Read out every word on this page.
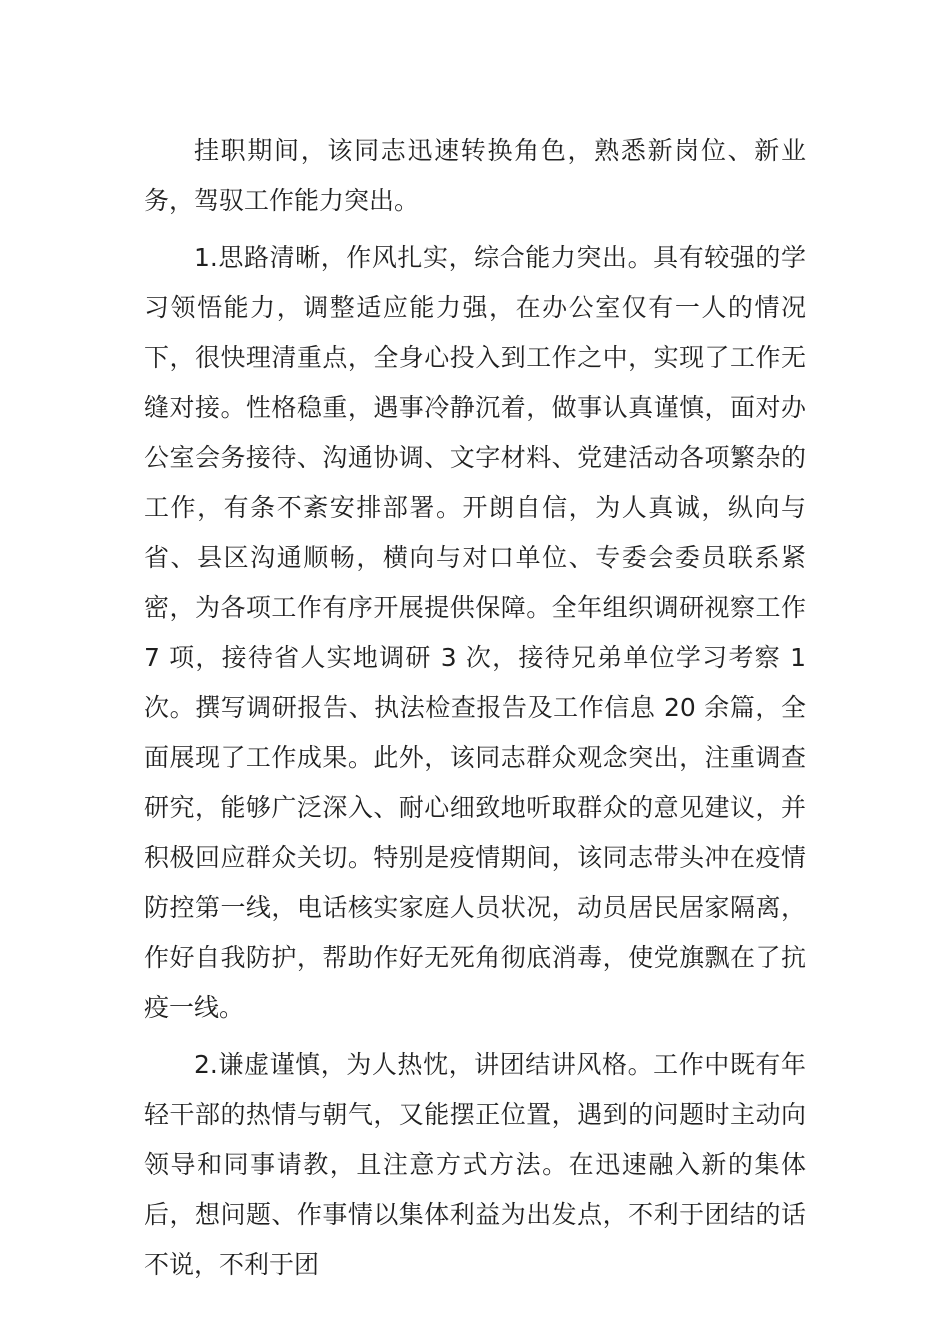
挂职期间，该同志迅速转换角色，熟悉新岗位、新业务，驾驭工作能力突出。

1.思路清晰，作风扎实，综合能力突出。具有较强的学习领悟能力，调整适应能力强，在办公室仅有一人的情况下，很快理清重点，全身心投入到工作之中，实现了工作无缝对接。性格稳重，遇事冷静沉着，做事认真谨慎，面对办公室会务接待、沟通协调、文字材料、党建活动各项繁杂的工作，有条不紊安排部署。开朗自信，为人真诚，纵向与省、县区沟通顺畅，横向与对口单位、专委会委员联系紧密，为各项工作有序开展提供保障。全年组织调研视察工作 7 项，接待省人实地调研 3 次，接待兄弟单位学习考察 1 次。撰写调研报告、执法检查报告及工作信息 20 余篇，全面展现了工作成果。此外，该同志群众观念突出，注重调查研究，能够广泛深入、耐心细致地听取群众的意见建议，并积极回应群众关切。特别是疫情期间，该同志带头冲在疫情防控第一线，电话核实家庭人员状况，动员居民居家隔离，作好自我防护，帮助作好无死角彻底消毒，使党旗飘在了抗疫一线。

2.谦虚谨慎，为人热忱，讲团结讲风格。工作中既有年轻干部的热情与朝气，又能摆正位置，遇到的问题时主动向领导和同事请教，且注意方式方法。在迅速融入新的集体后，想问题、作事情以集体利益为出发点，不利于团结的话不说，不利于团
